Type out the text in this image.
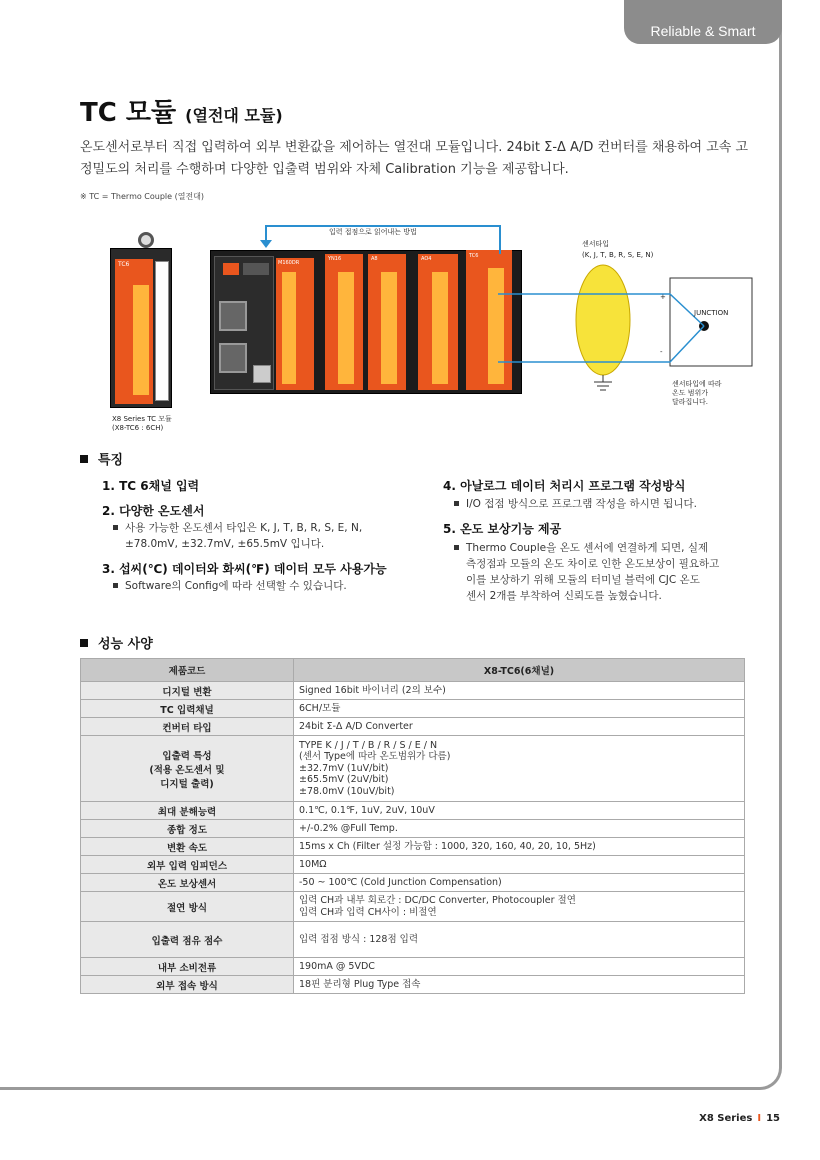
Reliable & Smart
TC 모듈 (열전대 모듈)
온도센서로부터 직접 입력하여 외부 변환값을 제어하는 열전대 모듈입니다. 24bit Σ-Δ A/D 컨버터를 채용하여 고속 고정밀도의 처리를 수행하며 다양한 입출력 범위와 자체 Calibration 기능을 제공합니다.
※ TC = Thermo Couple (열전대)
TC6
X8 Series TC 모듈
(X8-TC6 : 6CH)
M160DR
YN16	A8	AO4	TC6
입력 접점으로 읽어내는 방법
센서타입
(K, J, T, B, R, S, E, N)
JUNCTION
+
-
센서타입에 따라
온도 범위가
달라집니다.
특징
1. TC 6채널 입력
2. 다양한 온도센서
사용 가능한 온도센서 타입은 K, J, T, B, R, S, E, N,
±78.0mV, ±32.7mV, ±65.5mV 입니다.
3. 섭씨(℃) 데이터와 화씨(℉) 데이터 모두 사용가능
Software의 Config에 따라 선택할 수 있습니다.
4. 아날로그 데이터 처리시 프로그램 작성방식
I/O 접점 방식으로 프로그램 작성을 하시면 됩니다.
5. 온도 보상기능 제공
Thermo Couple을 온도 센서에 연결하게 되면, 실제
측정점과 모듈의 온도 차이로 인한 온도보상이 필요하고
이를 보상하기 위해 모듈의 터미널 블럭에 CJC 온도
센서 2개를 부착하여 신뢰도를 높혔습니다.
성능 사양
제품코드	X8-TC6(6채널)
디지털 변환	Signed 16bit 바이너리 (2의 보수)
TC 입력채널	6CH/모듈
컨버터 타입	24bit Σ-Δ A/D Converter
입출력 특성
(적용 온도센서 및
디지털 출력)	TYPE K / J / T / B / R / S / E / N
(센서 Type에 따라 온도범위가 다름)
±32.7mV (1uV/bit)
±65.5mV (2uV/bit)
±78.0mV (10uV/bit)
최대 분해능력	0.1℃, 0.1℉, 1uV, 2uV, 10uV
종합 정도	+/-0.2% @Full Temp.
변환 속도	15ms x Ch (Filter 설정 가능함 : 1000, 320, 160, 40, 20, 10, 5Hz)
외부 입력 임피던스	10MΩ
온도 보상센서	-50 ~ 100℃ (Cold Junction Compensation)
절연 방식	입력 CH과 내부 회로간 : DC/DC Converter, Photocoupler 절연
입력 CH과 입력 CH사이 : 비절연
입출력 점유 점수	입력 접점 방식 : 128점 입력
내부 소비전류	190mA @ 5VDC
외부 접속 방식	18핀 분리형 Plug Type 접속
X8 Series I 15
